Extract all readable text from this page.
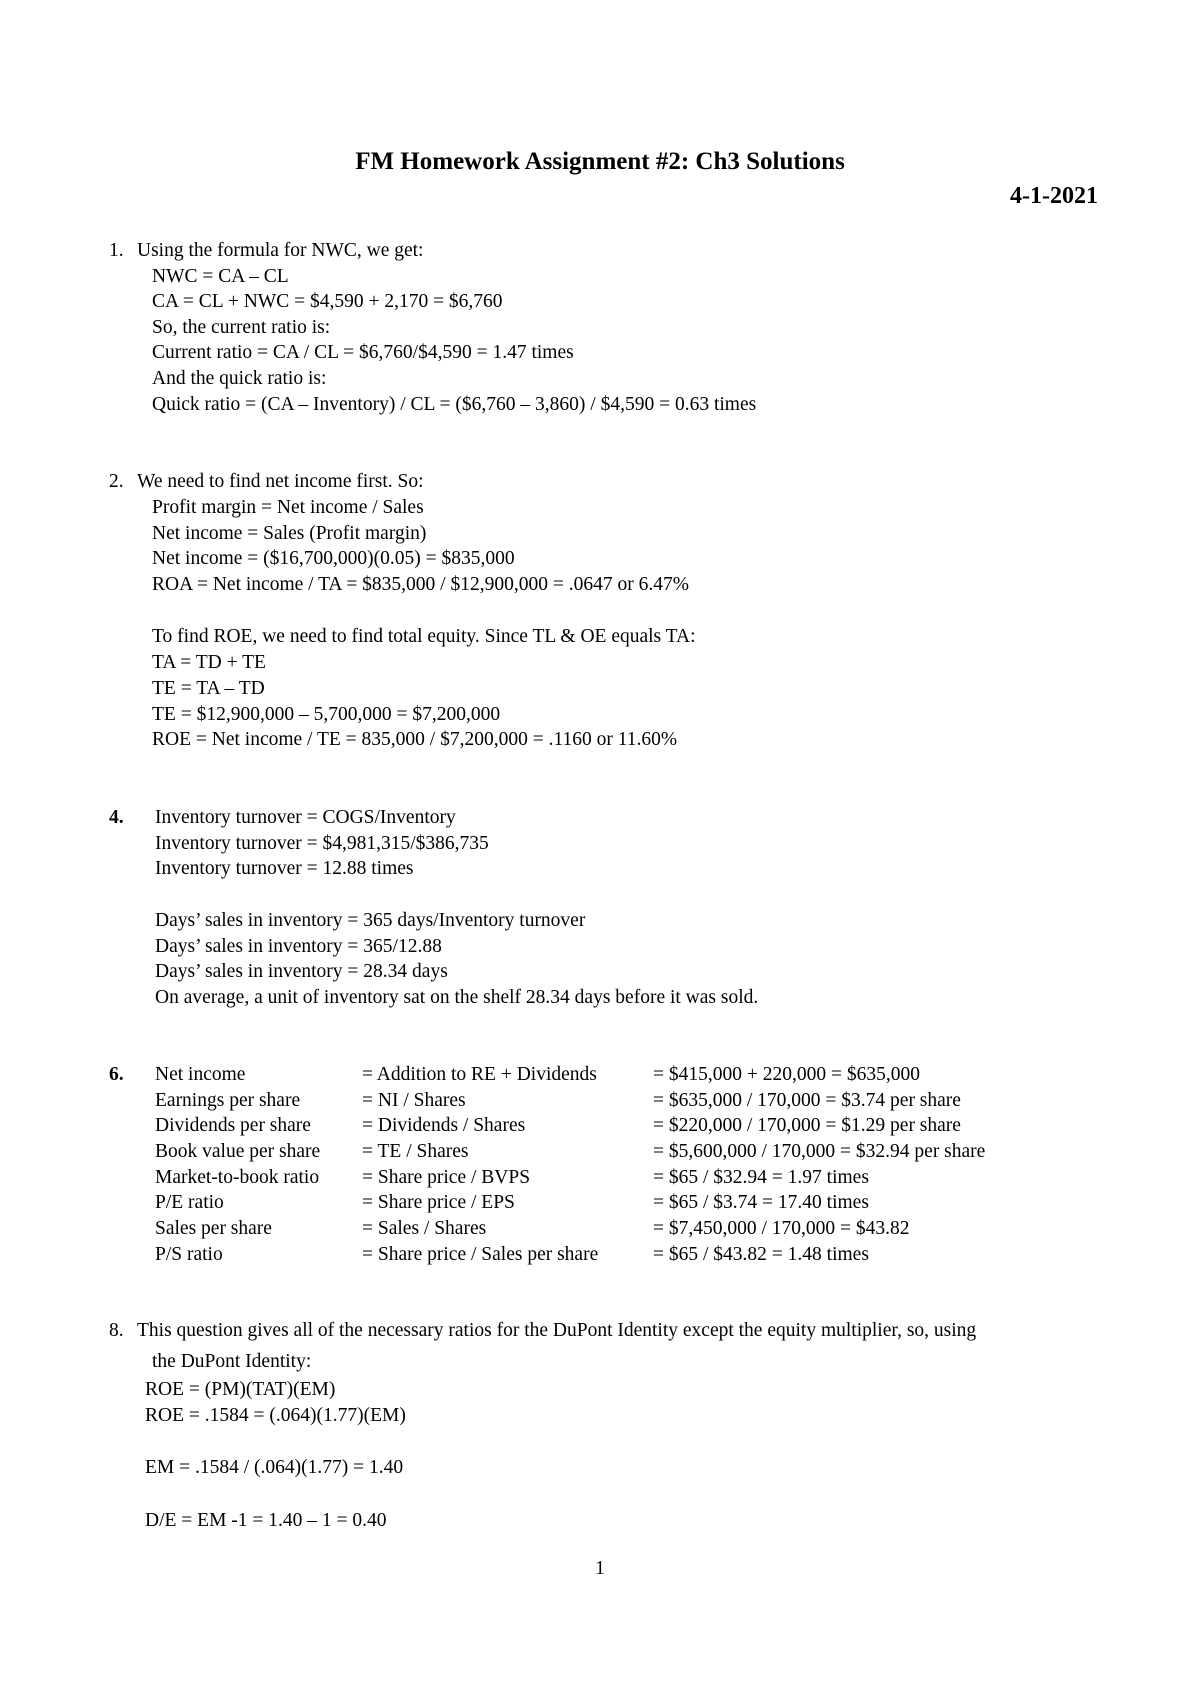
FM Homework Assignment #2: Ch3 Solutions
4-1-2021
1. Using the formula for NWC, we get:
NWC = CA – CL
CA = CL + NWC = $4,590 + 2,170 = $6,760
So, the current ratio is:
Current ratio = CA / CL = $6,760/$4,590 = 1.47 times
And the quick ratio is:
Quick ratio = (CA – Inventory) / CL = ($6,760 – 3,860) / $4,590 = 0.63 times
2. We need to find net income first. So:
Profit margin = Net income / Sales
Net income = Sales (Profit margin)
Net income = ($16,700,000)(0.05) = $835,000
ROA = Net income / TA = $835,000 / $12,900,000 = .0647 or 6.47%
To find ROE, we need to find total equity. Since TL & OE equals TA:
TA = TD + TE
TE = TA – TD
TE = $12,900,000 – 5,700,000 = $7,200,000
ROE = Net income / TE = 835,000 / $7,200,000 = .1160 or 11.60%
4. Inventory turnover = COGS/Inventory
Inventory turnover = $4,981,315/$386,735
Inventory turnover = 12.88 times
Days’ sales in inventory = 365 days/Inventory turnover
Days’ sales in inventory = 365/12.88
Days’ sales in inventory = 28.34 days
On average, a unit of inventory sat on the shelf 28.34 days before it was sold.
6. Net income	= Addition to RE + Dividends	= $415,000 + 220,000 = $635,000
Earnings per share	= NI / Shares	= $635,000 / 170,000 = $3.74 per share
Dividends per share	= Dividends / Shares	= $220,000 / 170,000 = $1.29 per share
Book value per share = TE / Shares	= $5,600,000 / 170,000 = $32.94 per share
Market-to-book ratio = Share price / BVPS	= $65 / $32.94 = 1.97 times
P/E ratio	= Share price / EPS	= $65 / $3.74 = 17.40 times
Sales per share	= Sales / Shares	= $7,450,000 / 170,000 = $43.82
P/S ratio	= Share price / Sales per share	= $65 / $43.82 = 1.48 times
8. This question gives all of the necessary ratios for the DuPont Identity except the equity multiplier, so, using
the DuPont Identity:
ROE = (PM)(TAT)(EM)
ROE = .1584 = (.064)(1.77)(EM)
EM = .1584 / (.064)(1.77) = 1.40
D/E = EM -1 = 1.40 – 1 = 0.40
1
